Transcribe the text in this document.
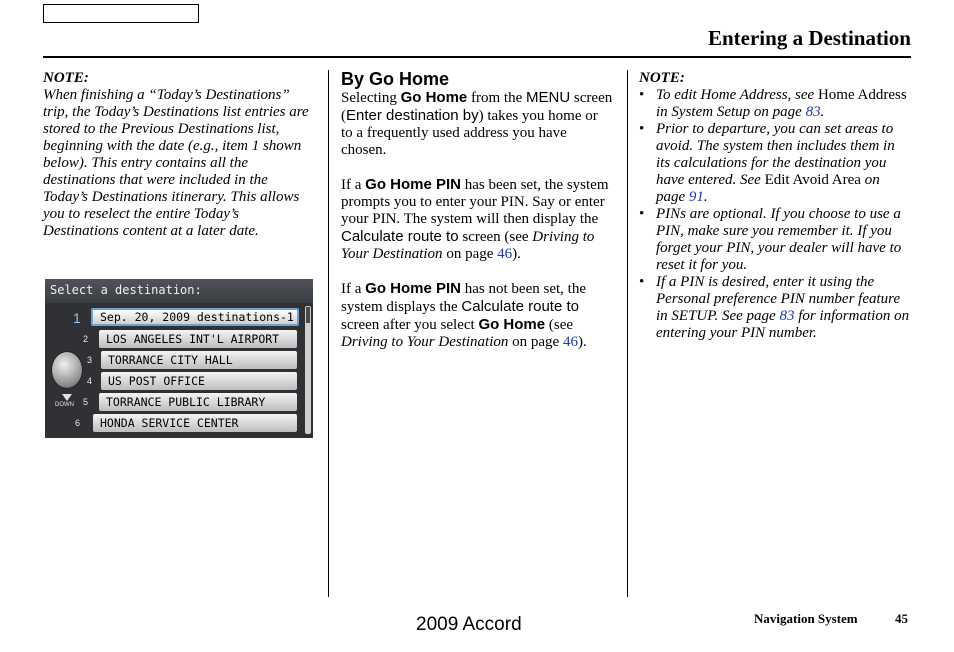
Entering a Destination

NOTE:

When finishing a “Today’s Destinations” trip, the Today’s Destinations list entries are stored to the Previous Destinations list, beginning with the date (e.g., item 1 shown below). This entry contains all the destinations that were included in the Today’s Destinations itinerary. This allows you to reselect the entire Today’s Destinations content at a later date.

Select a destination:
DOWN
1	Sep. 20, 2009 destinations-1
2	LOS ANGELES INT'L AIRPORT
3	TORRANCE CITY HALL
4	US POST OFFICE
5	TORRANCE PUBLIC LIBRARY
6	HONDA SERVICE CENTER

By Go Home

Selecting Go Home from the MENU screen (Enter destination by) takes you home or to a frequently used address you have chosen.

If a Go Home PIN has been set, the system prompts you to enter your PIN. Say or enter your PIN. The system will then display the Calculate route to screen (see Driving to Your Destination on page 46).

If a Go Home PIN has not been set, the system displays the Calculate route to screen after you select Go Home (see Driving to Your Destination on page 46).

NOTE:

• To edit Home Address, see Home Address in System Setup on page 83.
• Prior to departure, you can set areas to avoid. The system then includes them in its calculations for the destination you have entered. See Edit Avoid Area on page 91.
• PINs are optional. If you choose to use a PIN, make sure you remember it. If you forget your PIN, your dealer will have to reset it for you.
• If a PIN is desired, enter it using the Personal preference PIN number feature in SETUP. See page 83 for information on entering your PIN number.
2009 Accord	Navigation System	45
